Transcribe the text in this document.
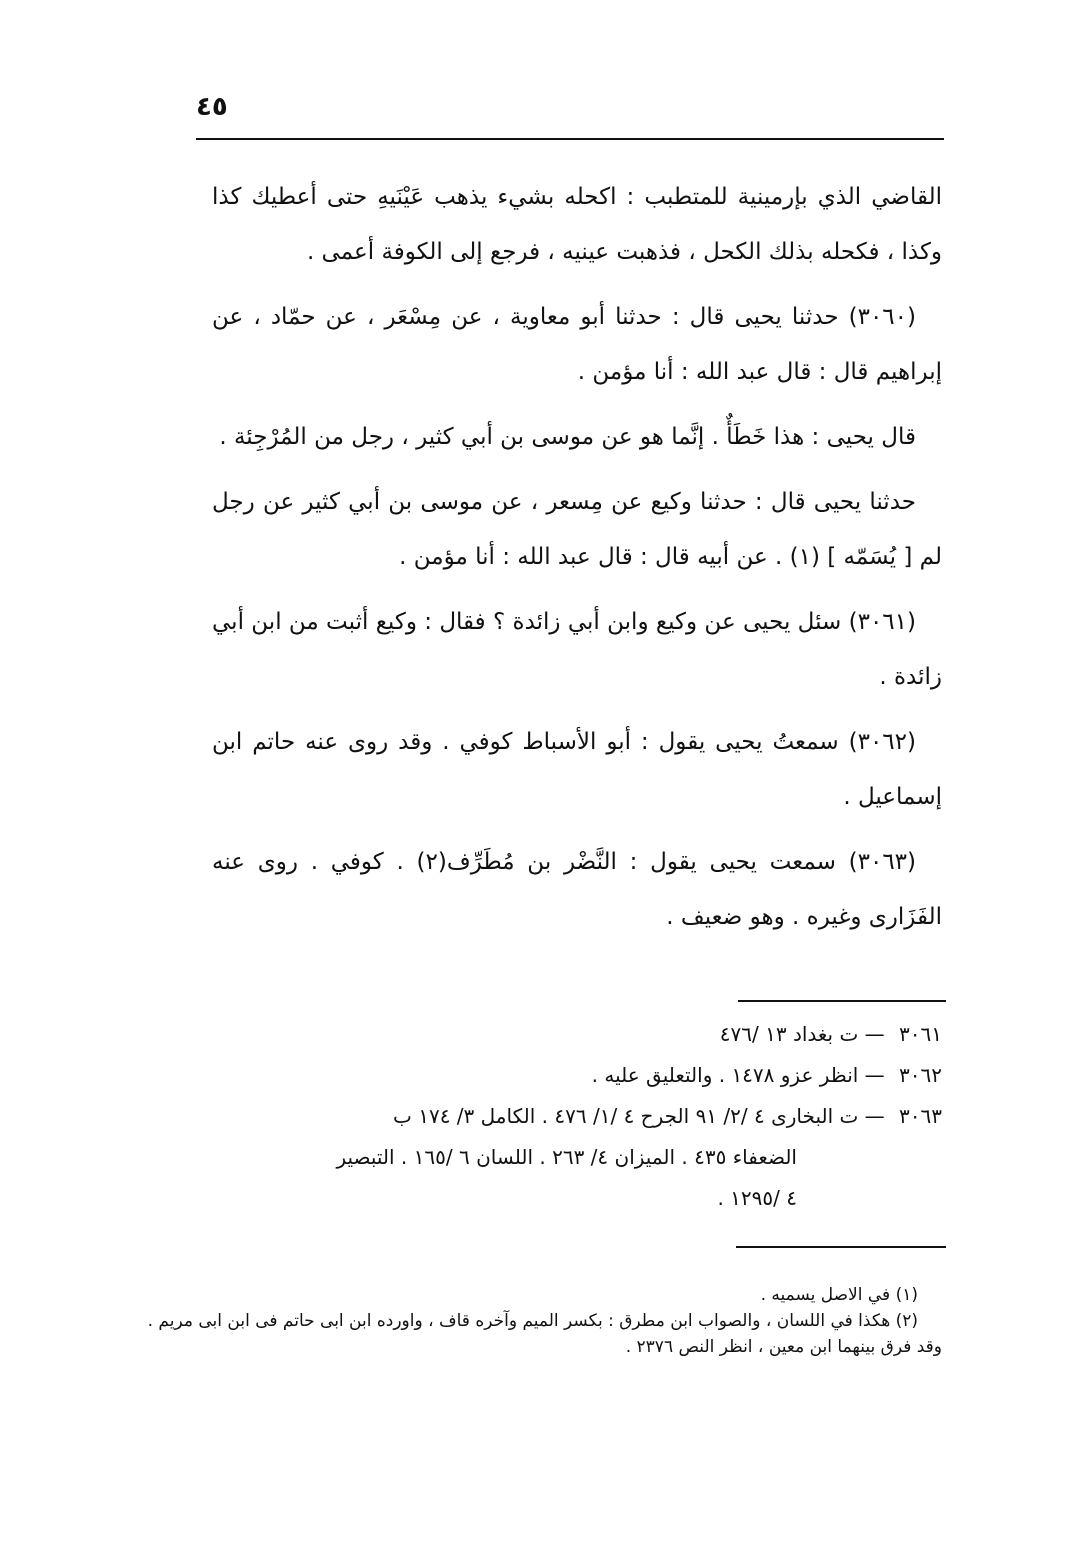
٤٥

القاضي الذي بإرمينية للمتطبب : اكحله بشيء يذهب عَيْنَيهِ حتى أعطيك كذا وكذا ، فكحله بذلك الكحل ، فذهبت عينيه ، فرجع إلى الكوفة أعمى .

(٣٠٦٠) حدثنا يحيى قال : حدثنا أبو معاوية ، عن مِسْعَر ، عن حمّاد ، عن إبراهيم قال : قال عبد الله : أنا مؤمن .

قال يحيى : هذا خَطَأٌ . إنَّما هو عن موسى بن أبي كثير ، رجل من المُرْجِئة .

حدثنا يحيى قال : حدثنا وكيع عن مِسعر ، عن موسى بن أبي كثير عن رجل لم [ يُسَمّه ] (١) . عن أبيه قال : قال عبد الله : أنا مؤمن .

(٣٠٦١) سئل يحيى عن وكيع وابن أبي زائدة ؟ فقال : وكيع أثبت من ابن أبي زائدة .

(٣٠٦٢) سمعتُ يحيى يقول : أبو الأسباط كوفي . وقد روى عنه حاتم ابن إسماعيل .

(٣٠٦٣) سمعت يحيى يقول : النَّضْر بن مُطَرِّف(٢) . كوفي . روى عنه الفَزَارى وغيره . وهو ضعيف .

٣٠٦١ — ت بغداد ١٣ /٤٧٦

٣٠٦٢ — انظر عزو ١٤٧٨ . والتعليق عليه .

٣٠٦٣ — ت البخارى ٤ /٢/ ٩١ الجرح ٤ /١/ ٤٧٦ . الكامل ٣/ ١٧٤ ب

الضعفاء ٤٣٥ . الميزان ٤/ ٢٦٣ . اللسان ٦ /١٦٥ . التبصير

٤ /١٢٩٥ .

(١) في الاصل يسميه .

(٢) هكذا في اللسان ، والصواب ابن مطرق : بكسر الميم وآخره قاف ، واورده ابن ابى حاتم فى ابن ابى مريم . وقد فرق بينهما ابن معين ، انظر النص ٢٣٧٦ .
